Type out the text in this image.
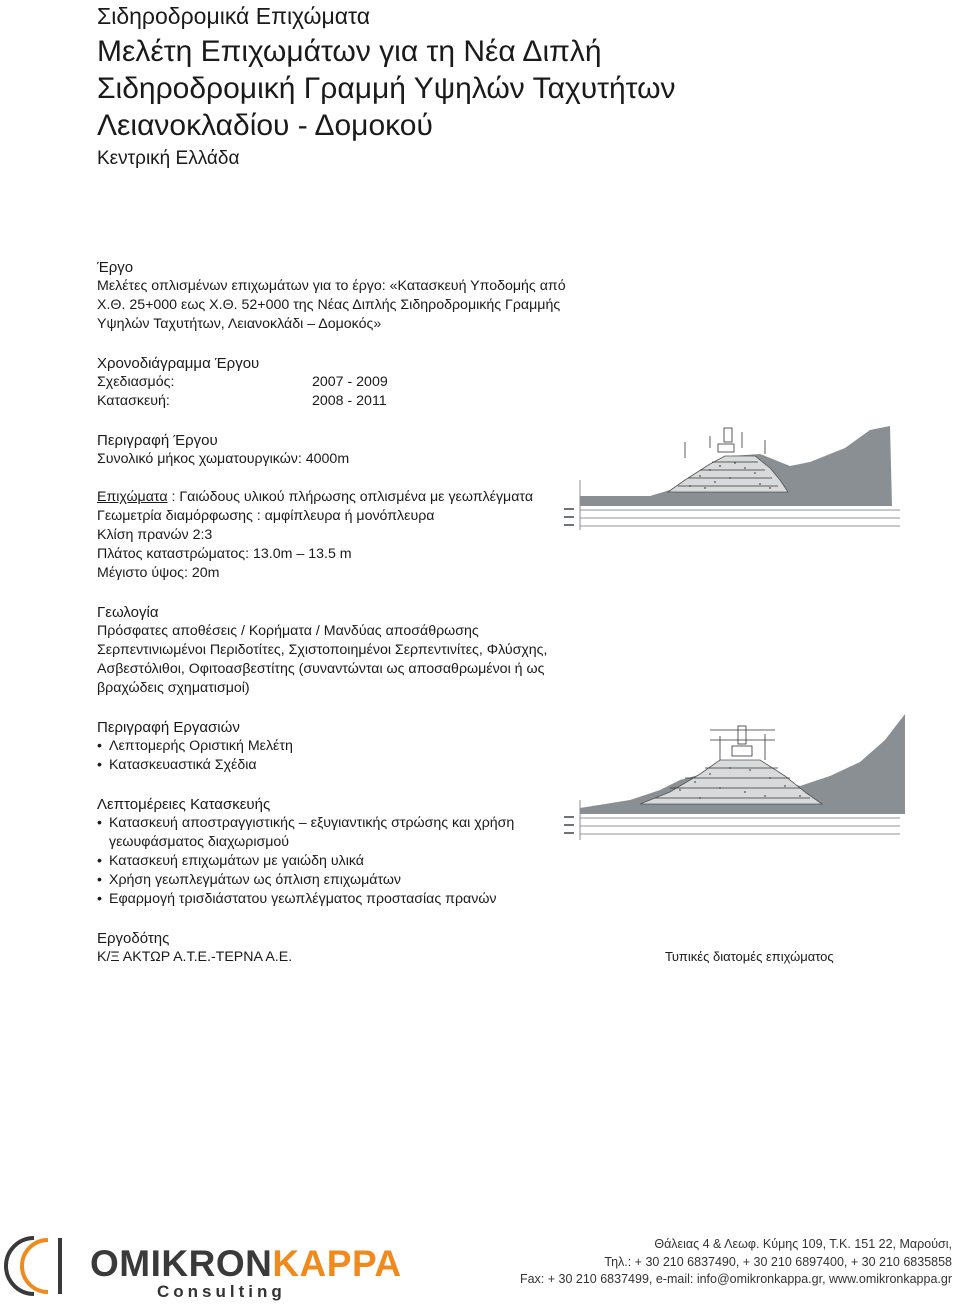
Σιδηροδρομικά Επιχώματα

Μελέτη Επιχωμάτων για τη Νέα Διπλή
Σιδηροδρομική Γραμμή Υψηλών Ταχυτήτων
Λειανοκλαδίου - Δομοκού

Κεντρική Ελλάδα

Έργο

Μελέτες οπλισμένων επιχωμάτων για το έργο: «Κατασκευή Υποδομής από

Χ.Θ. 25+000 εως Χ.Θ. 52+000 της Νέας Διπλής Σιδηροδρομικής Γραμμής

Υψηλών Ταχυτήτων, Λειανοκλάδι – Δομοκός»

Χρονοδιάγραμμα Έργου
Σχεδιασμός:	2007 - 2009
Κατασκευή:	2008 - 2011
Περιγραφή Έργου

Συνολικό μήκος χωματουργικών: 4000m

Επιχώματα : Γαιώδους υλικού πλήρωσης οπλισμένα με γεωπλέγματα

Γεωμετρία διαμόρφωσης : αμφίπλευρα ή μονόπλευρα

Κλίση πρανών 2:3

Πλάτος καταστρώματος: 13.0m – 13.5 m

Μέγιστο ύψος: 20m

Γεωλογία

Πρόσφατες αποθέσεις / Κορήματα / Μανδύας αποσάθρωσης

Σερπεντινιωμένοι Περιδοτίτες, Σχιστοποιημένοι Σερπεντινίτες, Φλύσχης,

Ασβεστόλιθοι, Οφιτοασβεστίτης (συναντώνται ως αποσαθρωμένοι ή ως

βραχώδεις σχηματισμοί)

Περιγραφή Εργασιών
• Λεπτομερής Οριστική Μελέτη
• Κατασκευαστικά Σχέδια
Λεπτομέρειες Κατασκευής
• Κατασκευή αποστραγγιστικής – εξυγιαντικής στρώσης και χρήση
γεωυφάσματος διαχωρισμού
• Κατασκευή επιχωμάτων με γαιώδη υλικά
• Χρήση γεωπλεγμάτων ως όπλιση επιχωμάτων
• Εφαρμογή τρισδιάστατου γεωπλέγματος προστασίας πρανών
Εργοδότης

Κ/Ξ ΑΚΤΩΡ Α.Τ.Ε.-ΤΕΡΝΑ Α.Ε.	Τυπικές διατομές επιχώματος
OMIKRONKAPPA
Consulting
Θάλειας 4 & Λεωφ. Κύμης 109, Τ.Κ. 151 22, Μαρούσι,
Τηλ.: + 30 210 6837490, + 30 210 6897400, + 30 210 6835858
Fax: + 30 210 6837499, e-mail: info@omikronkappa.gr, www.omikronkappa.gr
